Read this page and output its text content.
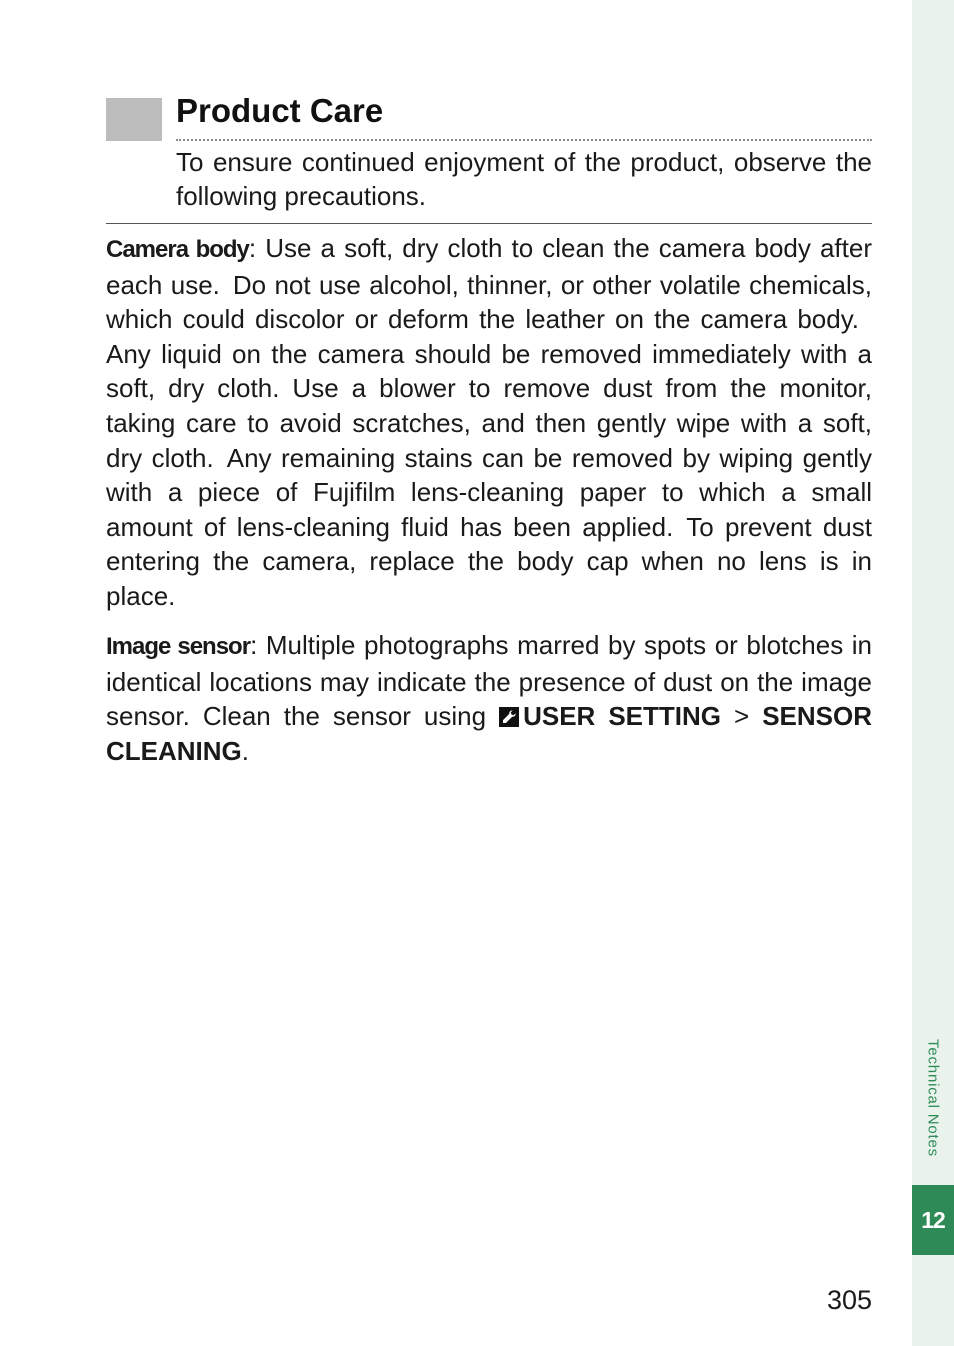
Technical Notes
12
Product Care

To ensure continued enjoyment of the product, observe the following precautions.

Camera body: Use a soft, dry cloth to clean the camera body after each use. Do not use alcohol, thinner, or other volatile chemicals, which could discolor or deform the leather on the camera body. Any liquid on the camera should be removed immediately with a soft, dry cloth. Use a blower to remove dust from the monitor, taking care to avoid scratches, and then gently wipe with a soft, dry cloth. Any remaining stains can be removed by wiping gently with a piece of Fujifilm lens-cleaning paper to which a small amount of lens-cleaning fluid has been applied. To prevent dust entering the camera, replace the body cap when no lens is in place.

Image sensor: Multiple photographs marred by spots or blotches in identical locations may indicate the presence of dust on the image sensor. Clean the sensor using
USER SETTING > SENSOR CLEANING.

305
